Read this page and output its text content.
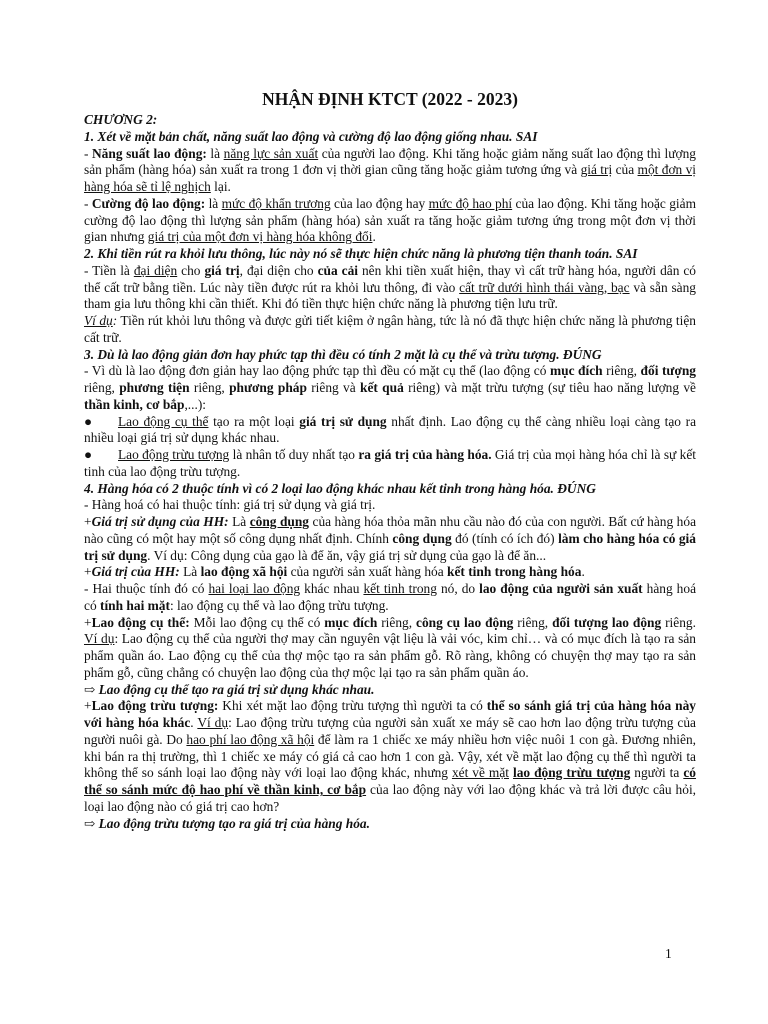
NHẬN ĐỊNH KTCT (2022 - 2023)
CHƯƠNG 2:

1. Xét về mặt bản chất, năng suất lao động và cường độ lao động giống nhau. SAI

- Năng suất lao động: là năng lực sản xuất của người lao động. Khi tăng hoặc giảm năng suất lao động thì lượng sản phẩm (hàng hóa) sản xuất ra trong 1 đơn vị thời gian cũng tăng hoặc giảm tương ứng và giá trị của một đơn vị hàng hóa sẽ tỉ lệ nghịch lại.

- Cường độ lao động: là mức độ khẩn trương của lao động hay mức độ hao phí của lao động. Khi tăng hoặc giảm cường độ lao động thì lượng sản phẩm (hàng hóa) sản xuất ra tăng hoặc giảm tương ứng trong một đơn vị thời gian nhưng giá trị của một đơn vị hàng hóa không đổi.

2. Khi tiền rút ra khỏi lưu thông, lúc này nó sẽ thực hiện chức năng là phương tiện thanh toán. SAI

- Tiền là đại diện cho giá trị, đại diện cho của cải nên khi tiền xuất hiện, thay vì cất trữ hàng hóa, người dân có thể cất trữ bằng tiền. Lúc này tiền được rút ra khỏi lưu thông, đi vào cất trữ dưới hình thái vàng, bạc và sẵn sàng tham gia lưu thông khi cần thiết. Khi đó tiền thực hiện chức năng là phương tiện lưu trữ.

Ví dụ: Tiền rút khỏi lưu thông và được gửi tiết kiệm ở ngân hàng, tức là nó đã thực hiện chức năng là phương tiện cất trữ.

3. Dù là lao động giản đơn hay phức tạp thì đều có tính 2 mặt là cụ thể và trừu tượng. ĐÚNG

- Vì dù là lao động đơn giản hay lao động phức tạp thì đều có mặt cụ thể (lao động có mục đích riêng, đối tượng riêng, phương tiện riêng, phương pháp riêng và kết quả riêng) và mặt trừu tượng (sự tiêu hao năng lượng về thần kinh, cơ bắp,...):

● Lao động cụ thể tạo ra một loại giá trị sử dụng nhất định. Lao động cụ thể càng nhiều loại càng tạo ra nhiều loại giá trị sử dụng khác nhau.

● Lao động trừu tượng là nhân tố duy nhất tạo ra giá trị của hàng hóa. Giá trị của mọi hàng hóa chỉ là sự kết tinh của lao động trừu tượng.

4. Hàng hóa có 2 thuộc tính vì có 2 loại lao động khác nhau kết tinh trong hàng hóa. ĐÚNG

- Hàng hoá có hai thuộc tính: giá trị sử dụng và giá trị.

+Giá trị sử dụng của HH: Là công dụng của hàng hóa thỏa mãn nhu cầu nào đó của con người. Bất cứ hàng hóa nào cũng có một hay một số công dụng nhất định. Chính công dụng đó (tính có ích đó) làm cho hàng hóa có giá trị sử dụng. Ví dụ: Công dụng của gạo là để ăn, vậy giá trị sử dụng của gạo là để ăn...

+Giá trị của HH: Là lao động xã hội của người sản xuất hàng hóa kết tinh trong hàng hóa.

- Hai thuộc tính đó có hai loại lao động khác nhau kết tinh trong nó, do lao động của người sản xuất hàng hoá có tính hai mặt: lao động cụ thể và lao động trừu tượng.

+Lao động cụ thể: Mỗi lao động cụ thể có mục đích riêng, công cụ lao động riêng, đối tượng lao động riêng. Ví dụ: Lao động cụ thể của người thợ may cần nguyên vật liệu là vải vóc, kim chỉ… và có mục đích là tạo ra sản phẩm quần áo. Lao động cụ thể của thợ mộc tạo ra sản phẩm gỗ. Rõ ràng, không có chuyện thợ may tạo ra sản phẩm gỗ, cũng chẳng có chuyện lao động của thợ mộc lại tạo ra sản phẩm quần áo.

⇨ Lao động cụ thể tạo ra giá trị sử dụng khác nhau.

+Lao động trừu tượng: Khi xét mặt lao động trừu tượng thì người ta có thể so sánh giá trị của hàng hóa này với hàng hóa khác. Ví dụ: Lao động trừu tượng của người sản xuất xe máy sẽ cao hơn lao động trừu tượng của người nuôi gà. Do hao phí lao động xã hội để làm ra 1 chiếc xe máy nhiều hơn việc nuôi 1 con gà. Đương nhiên, khi bán ra thị trường, thì 1 chiếc xe máy có giá cả cao hơn 1 con gà. Vậy, xét về mặt lao động cụ thể thì người ta không thể so sánh loại lao động này với loại lao động khác, nhưng xét về mặt lao động trừu tượng người ta có thể so sánh mức độ hao phí về thần kinh, cơ bắp của lao động này với lao động khác và trả lời được câu hỏi, loại lao động nào có giá trị cao hơn?

⇨ Lao động trừu tượng tạo ra giá trị của hàng hóa.

1
